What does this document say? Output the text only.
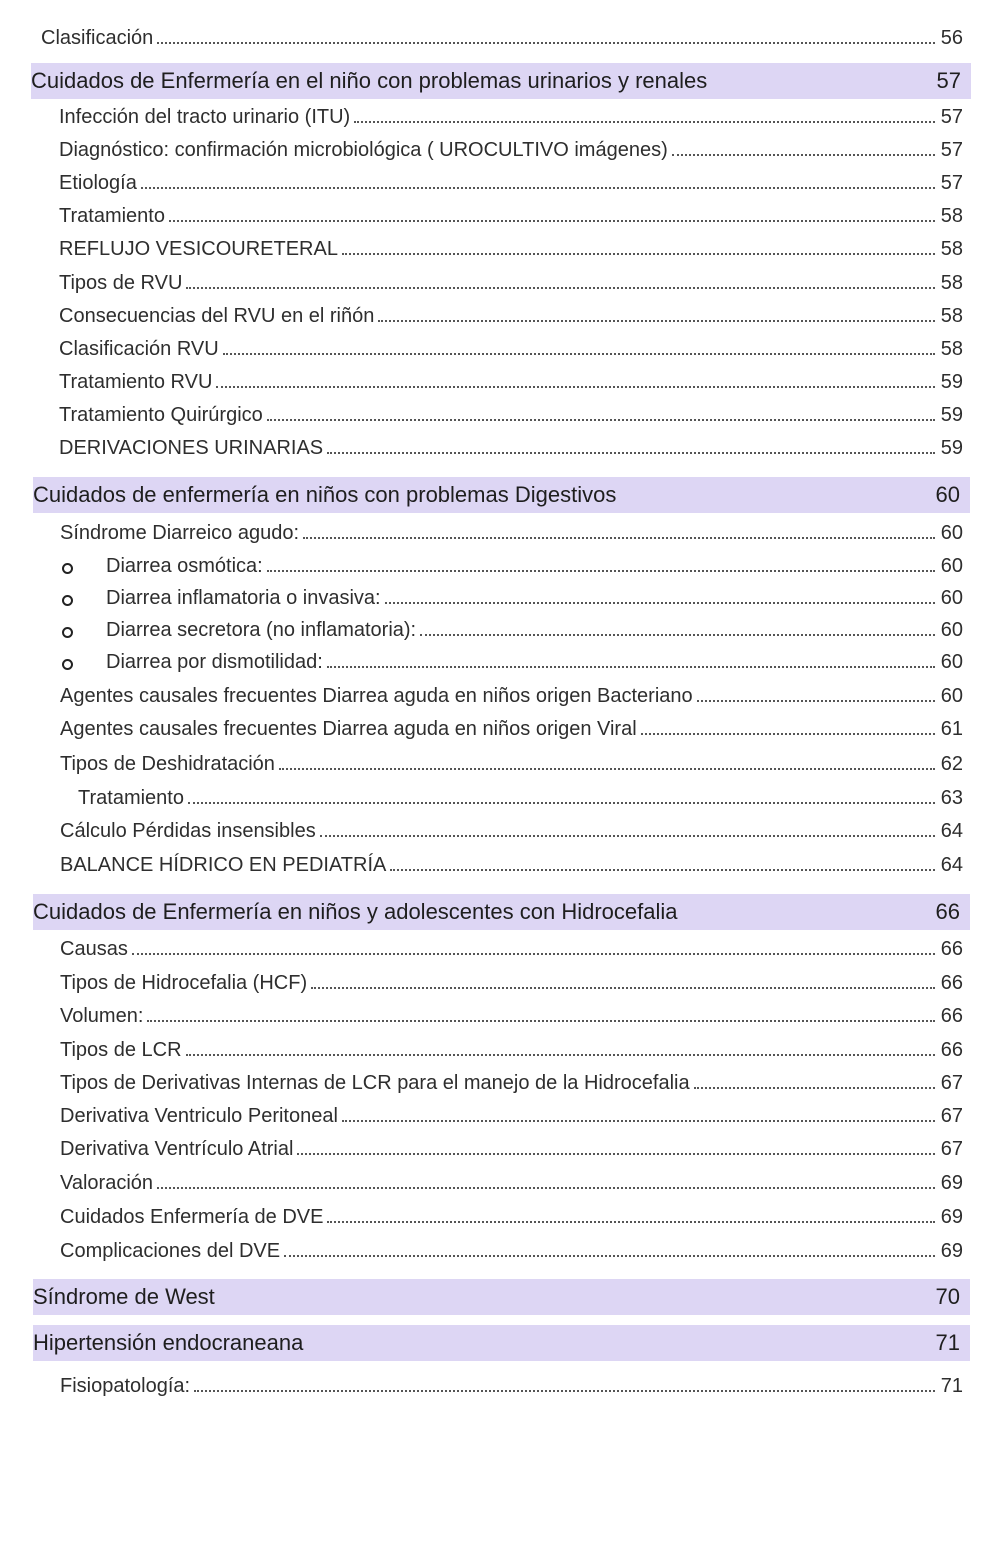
Clasificación	56
Cuidados de Enfermería en el niño con problemas urinarios y renales	57
Infección del tracto urinario (ITU)	57
Diagnóstico: confirmación microbiológica ( UROCULTIVO imágenes)	57
Etiología	57
Tratamiento	58
REFLUJO VESICOURETERAL	58
Tipos de RVU	58
Consecuencias del RVU en el riñón	58
Clasificación RVU	58
Tratamiento RVU	59
Tratamiento Quirúrgico	59
DERIVACIONES URINARIAS	59
Cuidados de enfermería en niños con problemas Digestivos	60
Síndrome Diarreico agudo:	60
Diarrea osmótica:	60
Diarrea inflamatoria o invasiva:	60
Diarrea secretora (no inflamatoria):	60
Diarrea por dismotilidad:	60
Agentes causales frecuentes Diarrea aguda en niños origen Bacteriano	60
Agentes causales frecuentes Diarrea aguda en niños origen Viral	61
Tipos de Deshidratación	62
Tratamiento	63
Cálculo Pérdidas insensibles	64
BALANCE HÍDRICO EN PEDIATRÍA	64
Cuidados de Enfermería en niños y adolescentes con Hidrocefalia	66
Causas	66
Tipos de Hidrocefalia (HCF)	66
Volumen:	66
Tipos de LCR	66
Tipos de Derivativas Internas de LCR para el manejo de la Hidrocefalia	67
Derivativa Ventriculo Peritoneal	67
Derivativa Ventrículo Atrial	67
Valoración	69
Cuidados Enfermería de DVE	69
Complicaciones del DVE	69
Síndrome de West	70
Hipertensión endocraneana	71
Fisiopatología:	71
